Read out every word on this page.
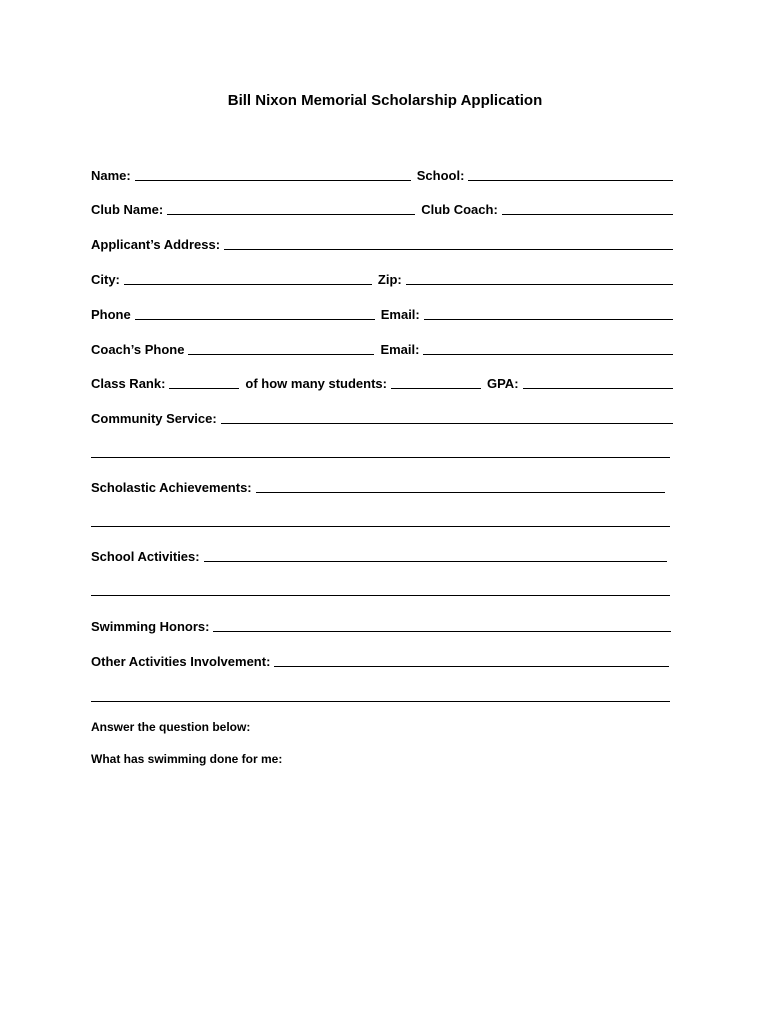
Bill Nixon Memorial Scholarship Application
Name:	School:
Club Name:	Club Coach:
Applicant’s Address:
City:	Zip:
Phone	Email:
Coach’s Phone	Email:
Class Rank:	of how many students:	GPA:
Community Service:
Scholastic Achievements:
School Activities:
Swimming Honors:
Other Activities Involvement:
Answer the question below:
What has swimming done for me:
